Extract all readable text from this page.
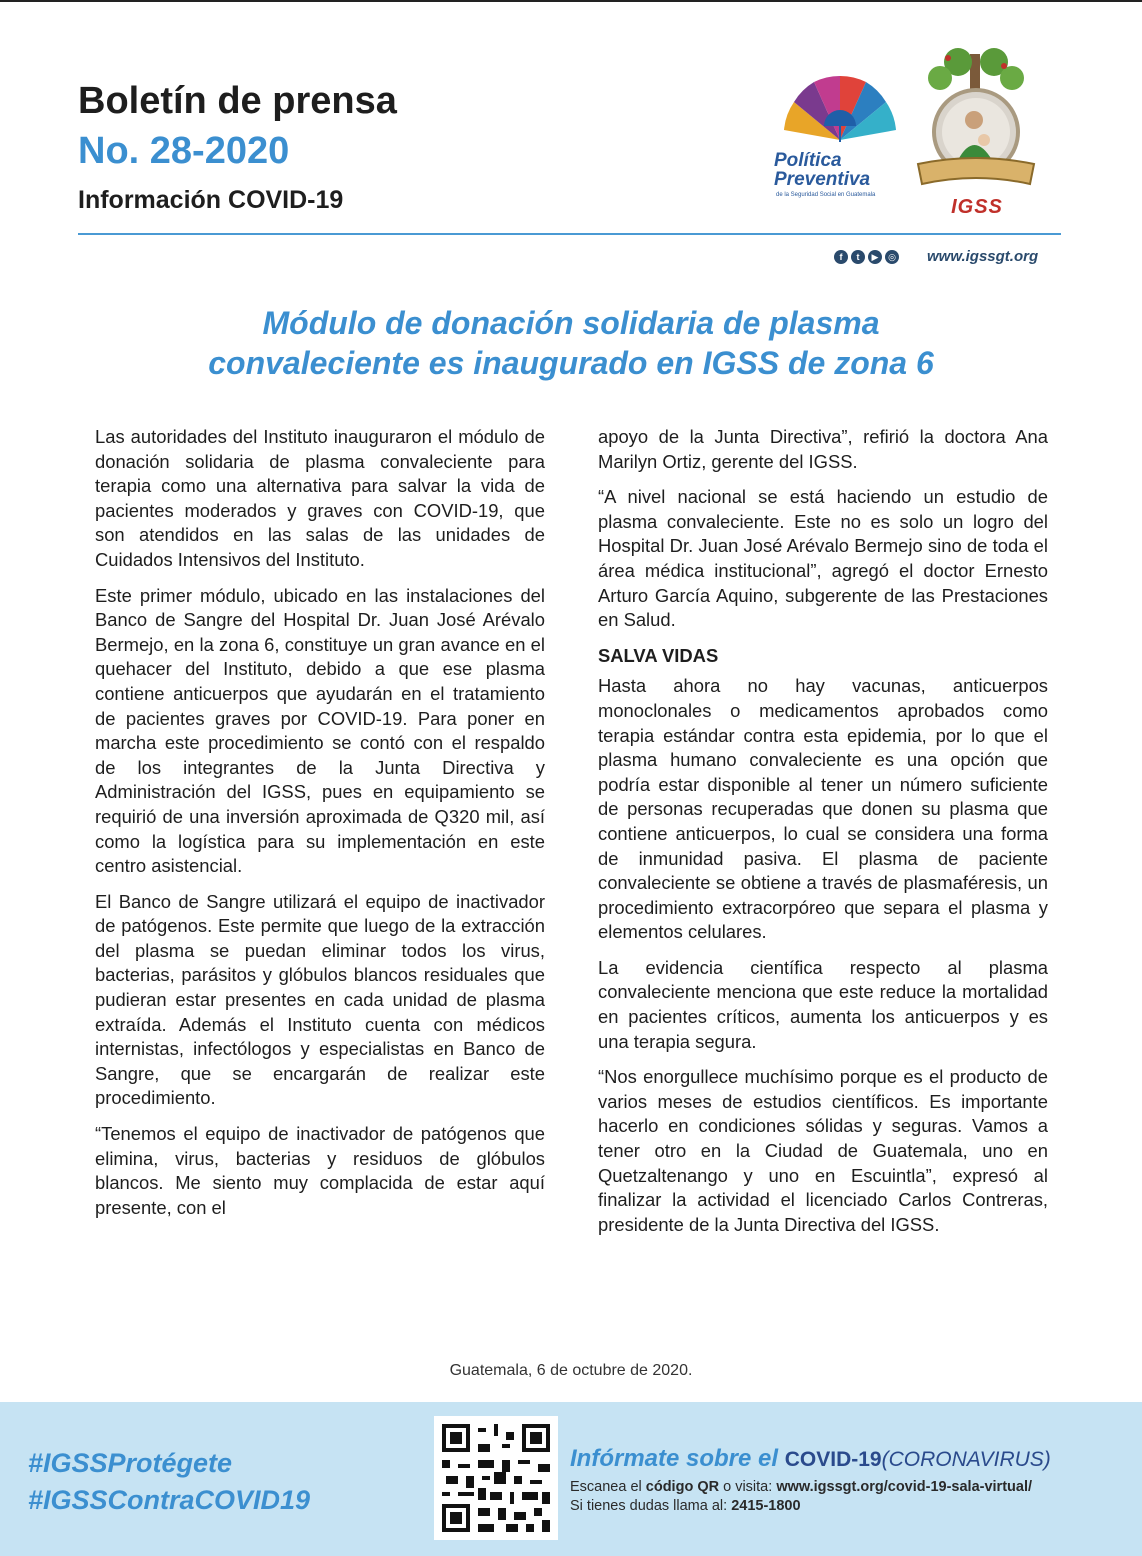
Boletín de prensa
No. 28-2020
Información COVID-19
Política
Preventiva
de la Seguridad Social en Guatemala
IGSS
f	t	▶	◎ www.igssgt.org
Módulo de donación solidaria de plasma
convaleciente es inaugurado en IGSS de zona 6

Las autoridades del Instituto inauguraron el módulo de donación solidaria de plasma convaleciente para terapia como una alternativa para salvar la vida de pacientes moderados y graves con COVID-19, que son atendidos en las salas de las unidades de Cuidados Intensivos del Instituto.

Este primer módulo, ubicado en las instalaciones del Banco de Sangre del Hospital Dr. Juan José Arévalo Bermejo, en la zona 6, constituye un gran avance en el quehacer del Instituto, debido a que ese plasma contiene anticuerpos que ayudarán en el tratamiento de pacientes graves por COVID-19. Para poner en marcha este procedimiento se contó con el respaldo de los integrantes de la Junta Directiva y Administración del IGSS, pues en equipamiento se requirió de una inversión aproximada de Q320 mil, así como la logística para su implementación en este centro asistencial.

El Banco de Sangre utilizará el equipo de inactivador de patógenos. Este permite que luego de la extracción del plasma se puedan eliminar todos los virus, bacterias, parásitos y glóbulos blancos residuales que pudieran estar presentes en cada unidad de plasma extraída. Además el Instituto cuenta con médicos internistas, infectólogos y especialistas en Banco de Sangre, que se encargarán de realizar este procedimiento.

“Tenemos el equipo de inactivador de patógenos que elimina, virus, bacterias y residuos de glóbulos blancos. Me siento muy complacida de estar aquí presente, con el

apoyo de la Junta Directiva”, refirió la doctora Ana Marilyn Ortiz, gerente del IGSS.

“A nivel nacional se está haciendo un estudio de plasma convaleciente. Este no es solo un logro del Hospital Dr. Juan José Arévalo Bermejo sino de toda el área médica institucional”, agregó el doctor Ernesto Arturo García Aquino, subgerente de las Prestaciones en Salud.

SALVA VIDAS

Hasta ahora no hay vacunas, anticuerpos monoclonales o medicamentos aprobados como terapia estándar contra esta epidemia, por lo que el plasma humano convaleciente es una opción que podría estar disponible al tener un número suficiente de personas recuperadas que donen su plasma que contiene anticuerpos, lo cual se considera una forma de inmunidad pasiva. El plasma de paciente convaleciente se obtiene a través de plasmaféresis, un procedimiento extracorpóreo que separa el plasma y elementos celulares.

La evidencia científica respecto al plasma convaleciente menciona que este reduce la mortalidad en pacientes críticos, aumenta los anticuerpos y es una terapia segura.

“Nos enorgullece muchísimo porque es el producto de varios meses de estudios científicos. Es importante hacerlo en condiciones sólidas y seguras. Vamos a tener otro en la Ciudad de Guatemala, uno en Quetzaltenango y uno en Escuintla”, expresó al finalizar la actividad el licenciado Carlos Contreras, presidente de la Junta Directiva del IGSS.

Guatemala, 6 de octubre de 2020.
#IGSSProtégete
#IGSSContraCOVID19
Infórmate sobre el COVID-19(CORONAVIRUS)
Escanea el código QR o visita: www.igssgt.org/covid-19-sala-virtual/
Si tienes dudas llama al: 2415-1800
